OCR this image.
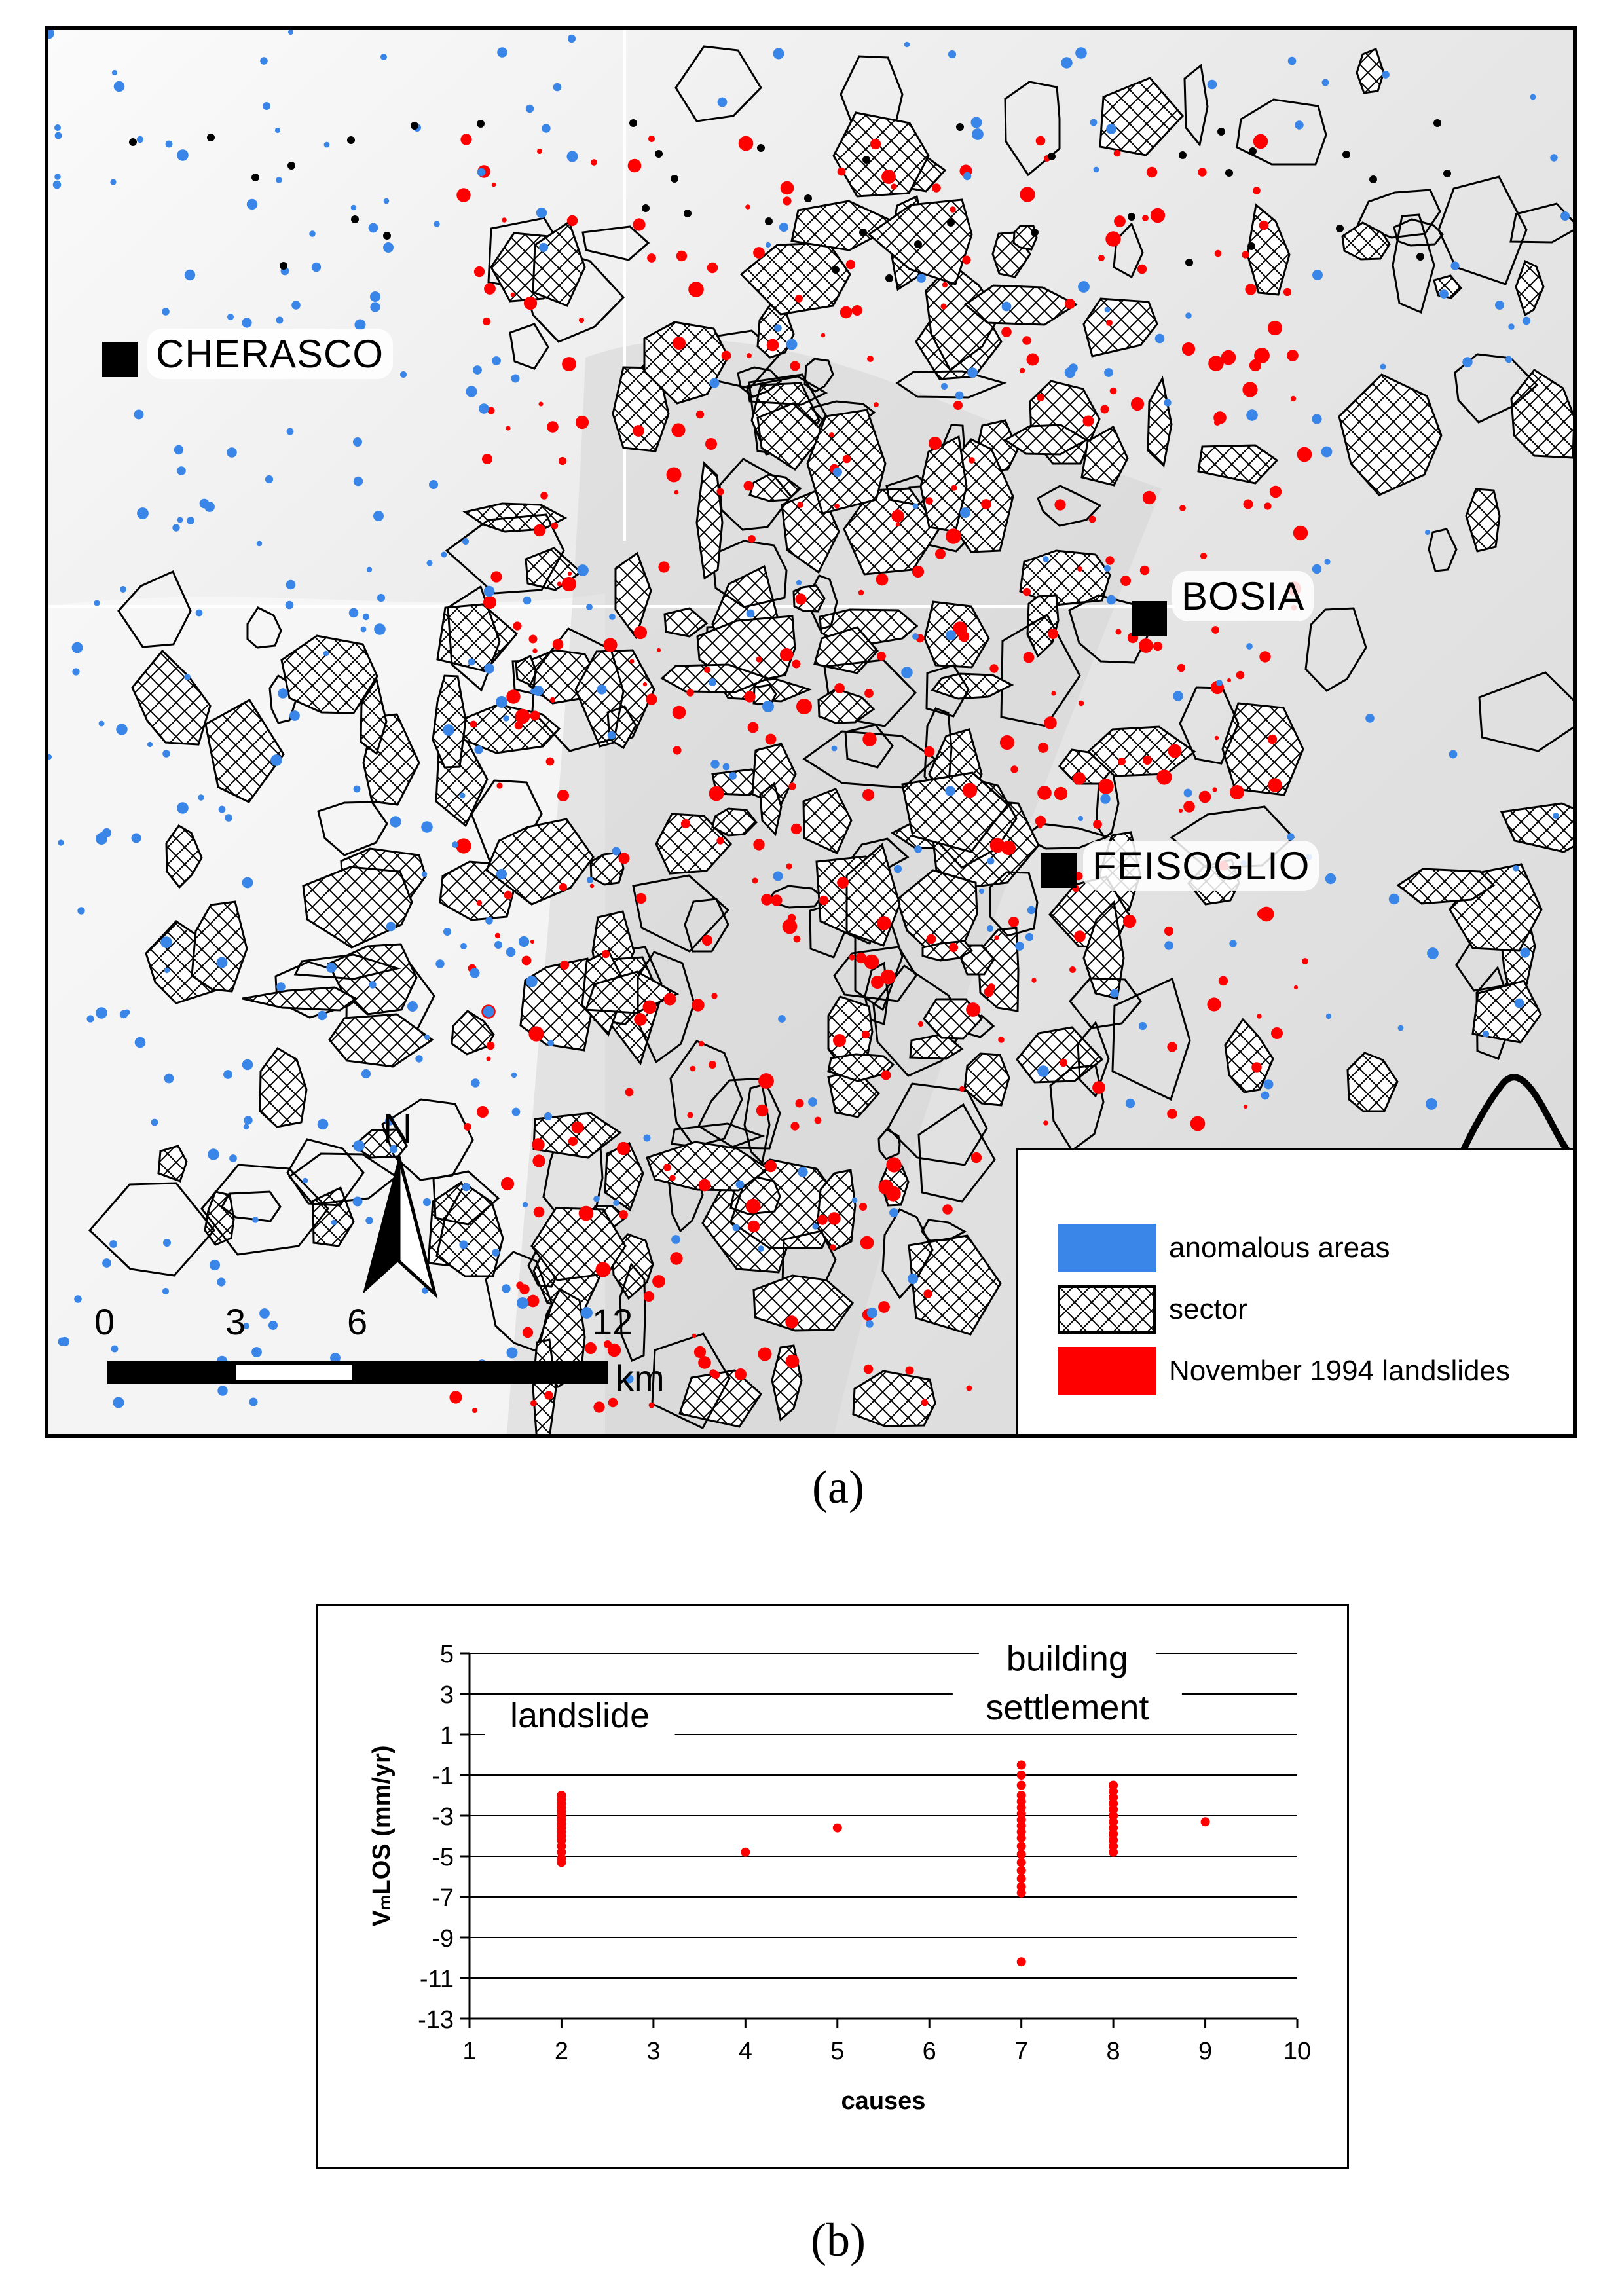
CHERASCO
BOSIA
FEISOGLIO
N
0	3	6	12
km
anomalous areas
sector
November 1994 landslides
(a)
5
3
1
-1
-3
-5
-7
-9
-11
-13
1	2	3	4	5	6	7	8	9	10
causes
VₘLOS (mm/yr)
landslide
building
settlement
(b)
